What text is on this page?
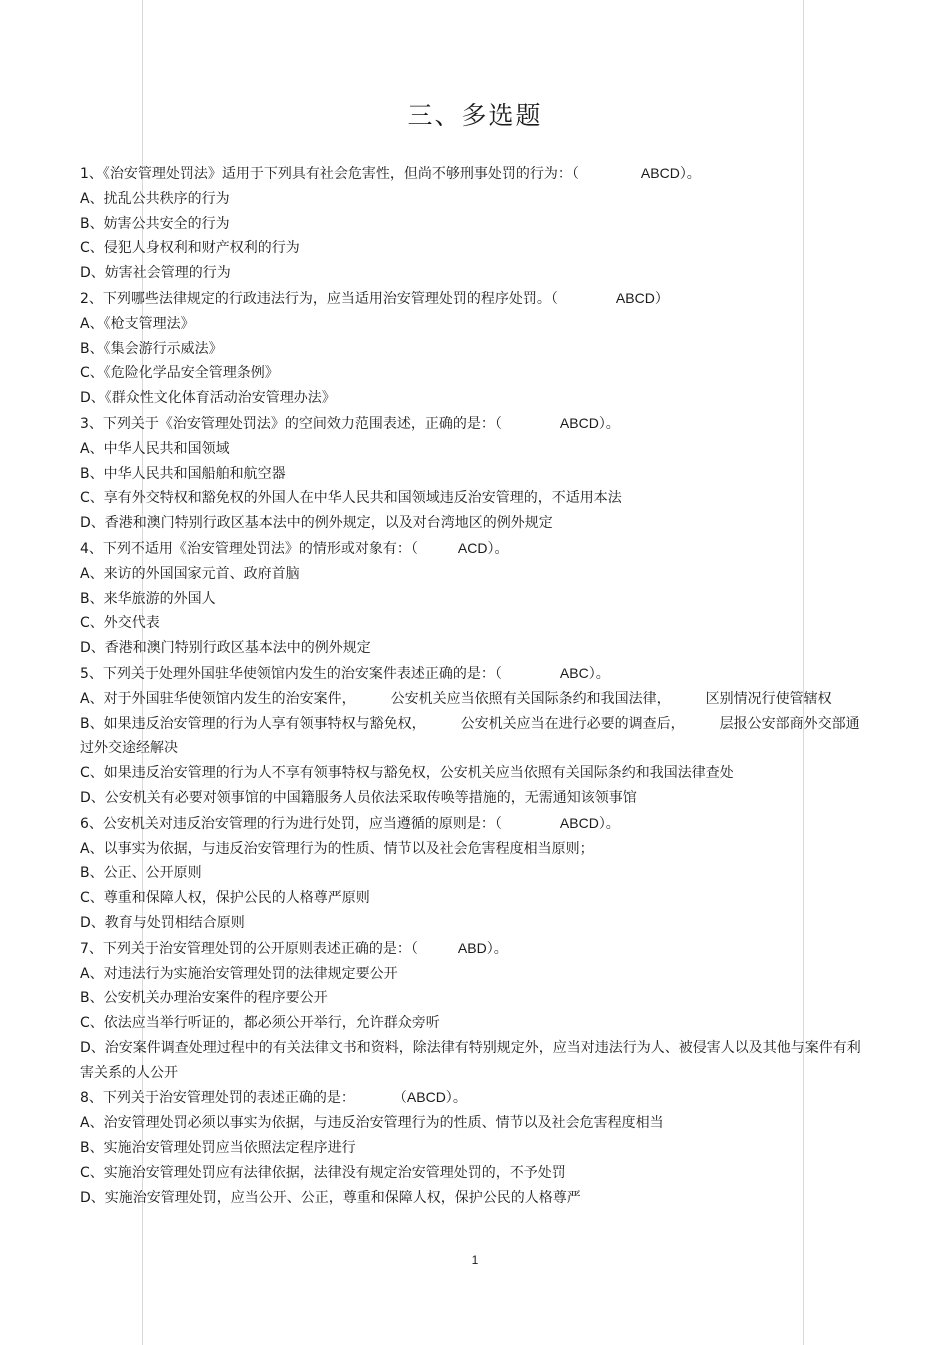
三、多选题
1、《治安管理处罚法》适用于下列具有社会危害性，但尚不够刑事处罚的行为：（	ABCD）。
A、扰乱公共秩序的行为
B、妨害公共安全的行为
C、侵犯人身权利和财产权利的行为
D、妨害社会管理的行为
2、下列哪些法律规定的行政违法行为，应当适用治安管理处罚的程序处罚。（	ABCD）
A、《枪支管理法》
B、《集会游行示威法》
C、《危险化学品安全管理条例》
D、《群众性文化体育活动治安管理办法》
3、下列关于《治安管理处罚法》的空间效力范围表述，正确的是：（	ABCD）。
A、中华人民共和国领域
B、中华人民共和国船舶和航空器
C、享有外交特权和豁免权的外国人在中华人民共和国领域违反治安管理的，不适用本法
D、香港和澳门特别行政区基本法中的例外规定，以及对台湾地区的例外规定
4、下列不适用《治安管理处罚法》的情形或对象有：（	ACD）。
A、来访的外国国家元首、政府首脑
B、来华旅游的外国人
C、外交代表
D、香港和澳门特别行政区基本法中的例外规定
5、下列关于处理外国驻华使领馆内发生的治安案件表述正确的是：（	ABC）。
A、对于外国驻华使领馆内发生的治安案件，　　　公安机关应当依照有关国际条约和我国法律，　　　区别情况行使管辖权
B、如果违反治安管理的行为人享有领事特权与豁免权，　　　公安机关应当在进行必要的调查后，　　　层报公安部商外交部通过外交途经解决
C、如果违反治安管理的行为人不享有领事特权与豁免权，公安机关应当依照有关国际条约和我国法律查处
D、公安机关有必要对领事馆的中国籍服务人员依法采取传唤等措施的，无需通知该领事馆
6、公安机关对违反治安管理的行为进行处罚，应当遵循的原则是：（	ABCD）。
A、以事实为依据，与违反治安管理行为的性质、情节以及社会危害程度相当原则；
B、公正、公开原则
C、尊重和保障人权，保护公民的人格尊严原则
D、教育与处罚相结合原则
7、下列关于治安管理处罚的公开原则表述正确的是：（	ABD）。
A、对违法行为实施治安管理处罚的法律规定要公开
B、公安机关办理治安案件的程序要公开
C、依法应当举行听证的，都必须公开举行，允许群众旁听
D、治安案件调查处理过程中的有关法律文书和资料，除法律有特别规定外，应当对违法行为人、被侵害人以及其他与案件有利害关系的人公开
8、下列关于治安管理处罚的表述正确的是：	（ABCD）。
A、治安管理处罚必须以事实为依据，与违反治安管理行为的性质、情节以及社会危害程度相当
B、实施治安管理处罚应当依照法定程序进行
C、实施治安管理处罚应有法律依据，法律没有规定治安管理处罚的，不予处罚
D、实施治安管理处罚，应当公开、公正，尊重和保障人权，保护公民的人格尊严
1
